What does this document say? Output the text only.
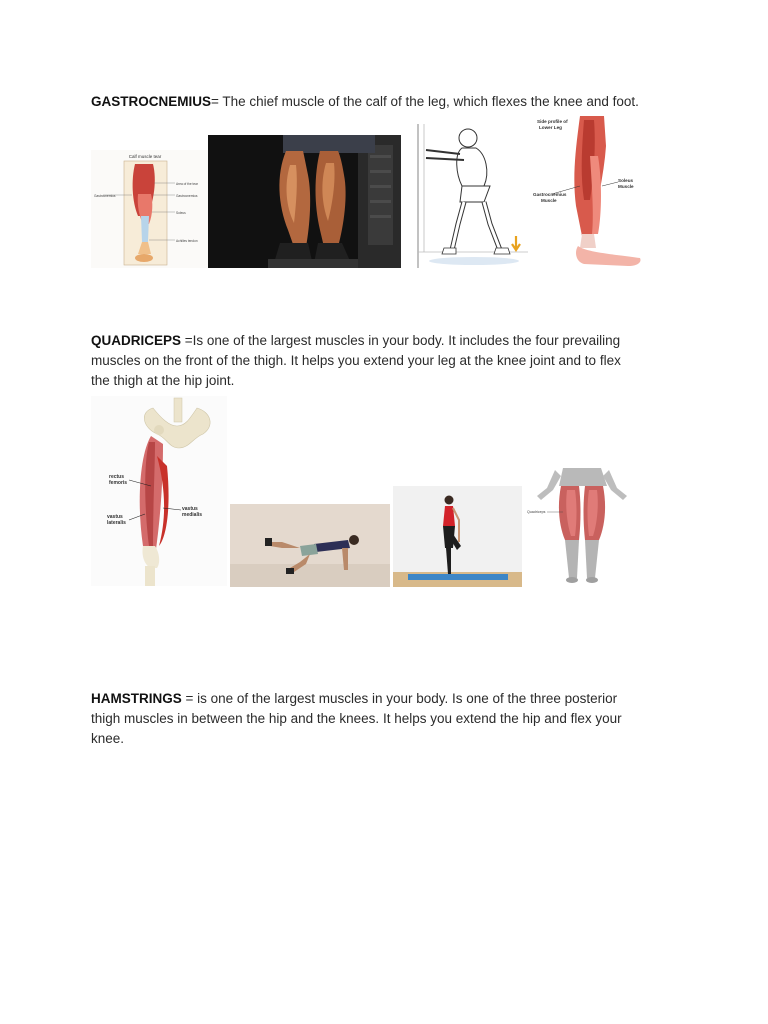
GASTROCNEMIUS= The chief muscle of the calf of the leg, which flexes the knee and foot.
Calf muscle tear
Gastrocnemius
Area of the tear
Gastrocnemius
Soleus
Achilles tendon
Side profile of
Lower Leg
Gastrocnemius
Muscle
Soleus
Muscle
QUADRICEPS =Is one of the largest muscles in your body. It includes the four prevailing
muscles on the front of the thigh. It helps you extend your leg at the knee joint and to flex
the thigh at the hip joint.
rectus
femoris
vastus
lateralis
vastus
medialis	Quadriceps
HAMSTRINGS = is one of the largest muscles in your body. Is one of the three posterior
thigh muscles in between the hip and the knees. It helps you extend the hip and flex your
knee.
